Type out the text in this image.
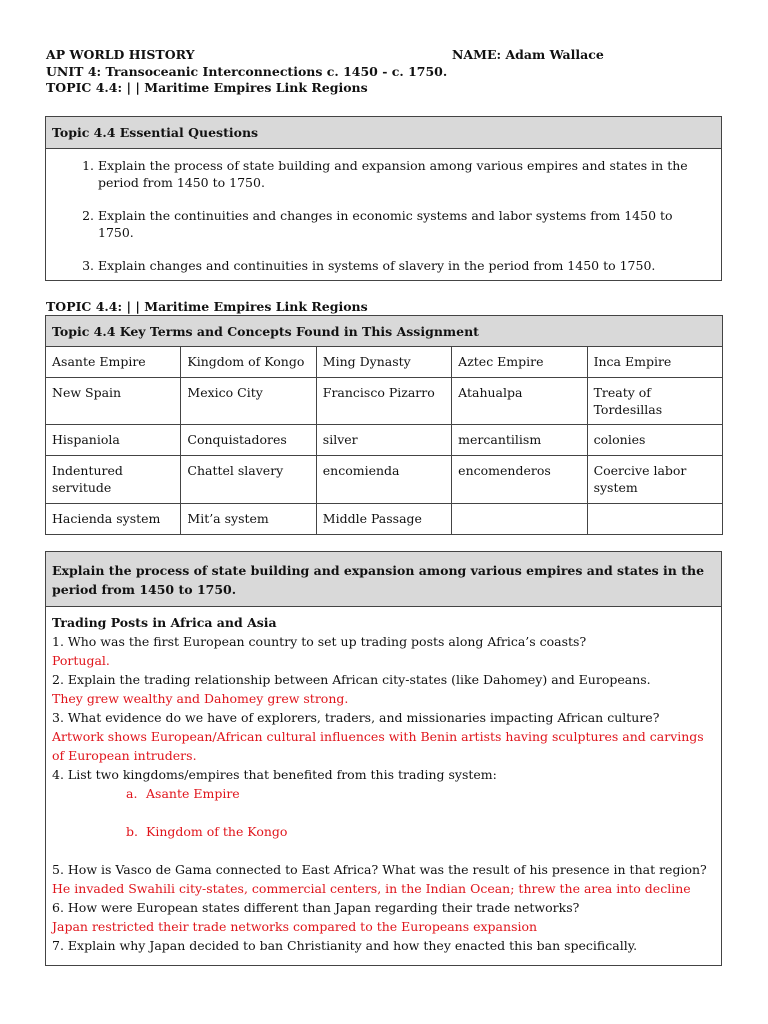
AP WORLD HISTORY
UNIT 4: Transoceanic Interconnections c. 1450 - c. 1750.
TOPIC 4.4: | | Maritime Empires Link Regions
NAME: Adam Wallace
Topic 4.4 Essential Questions
1. Explain the process of state building and expansion among various empires and states in the period from 1450 to 1750.
2. Explain the continuities and changes in economic systems and labor systems from 1450 to 1750.
3. Explain changes and continuities in systems of slavery in the period from 1450 to 1750.
TOPIC 4.4: | | Maritime Empires Link Regions
Topic 4.4 Key Terms and Concepts Found in This Assignment				
Asante Empire	Kingdom of Kongo	Ming Dynasty	Aztec Empire	Inca Empire
New Spain	Mexico City	Francisco Pizarro	Atahualpa	Treaty of Tordesillas
Hispaniola	Conquistadores	silver	mercantilism	colonies
Indentured servitude	Chattel slavery	encomienda	encomenderos	Coercive labor system
Hacienda system	Mit’a system	Middle Passage		
Explain the process of state building and expansion among various empires and states in the period from 1450 to 1750.
Trading Posts in Africa and Asia
1. Who was the first European country to set up trading posts along Africa’s coasts?
Portugal.
2. Explain the trading relationship between African city-states (like Dahomey) and Europeans.
They grew wealthy and Dahomey grew strong.
3. What evidence do we have of explorers, traders, and missionaries impacting African culture?
Artwork shows European/African cultural influences with Benin artists having sculptures and carvings of European intruders.
4. List two kingdoms/empires that benefited from this trading system:
a. Asante Empire
b. Kingdom of the Kongo
5. How is Vasco de Gama connected to East Africa? What was the result of his presence in that region?
He invaded Swahili city-states, commercial centers, in the Indian Ocean; threw the area into decline
6. How were European states different than Japan regarding their trade networks?
Japan restricted their trade networks compared to the Europeans expansion
7. Explain why Japan decided to ban Christianity and how they enacted this ban specifically.
